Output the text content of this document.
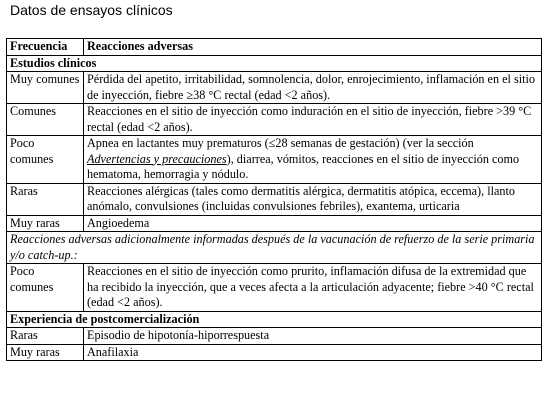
Datos de ensayos clínicos
Frecuencia	Reacciones adversas
Estudios clínicos	
Muy comunes	Pérdida del apetito, irritabilidad, somnolencia, dolor, enrojecimiento, inflamación en el sitio de inyección, fiebre ≥38 °C rectal (edad <2 años).
Comunes	Reacciones en el sitio de inyección como induración en el sitio de inyección, fiebre >39 °C rectal (edad <2 años).
Poco comunes	Apnea en lactantes muy prematuros (≤28 semanas de gestación) (ver la sección Advertencias y precauciones), diarrea, vómitos, reacciones en el sitio de inyección como hematoma, hemorragia y nódulo.
Raras	Reacciones alérgicas (tales como dermatitis alérgica, dermatitis atópica, eccema), llanto anómalo, convulsiones (incluidas convulsiones febriles), exantema, urticaria
Muy raras	Angioedema
Reacciones adversas adicionalmente informadas después de la vacunación de refuerzo de la serie primaria y/o catch-up.:	
Poco comunes	Reacciones en el sitio de inyección como prurito, inflamación difusa de la extremidad que ha recibido la inyección, que a veces afecta a la articulación adyacente; fiebre >40 °C rectal (edad <2 años).
Experiencia de postcomercialización	
Raras	Episodio de hipotonía-hiporrespuesta
Muy raras	Anafilaxia
